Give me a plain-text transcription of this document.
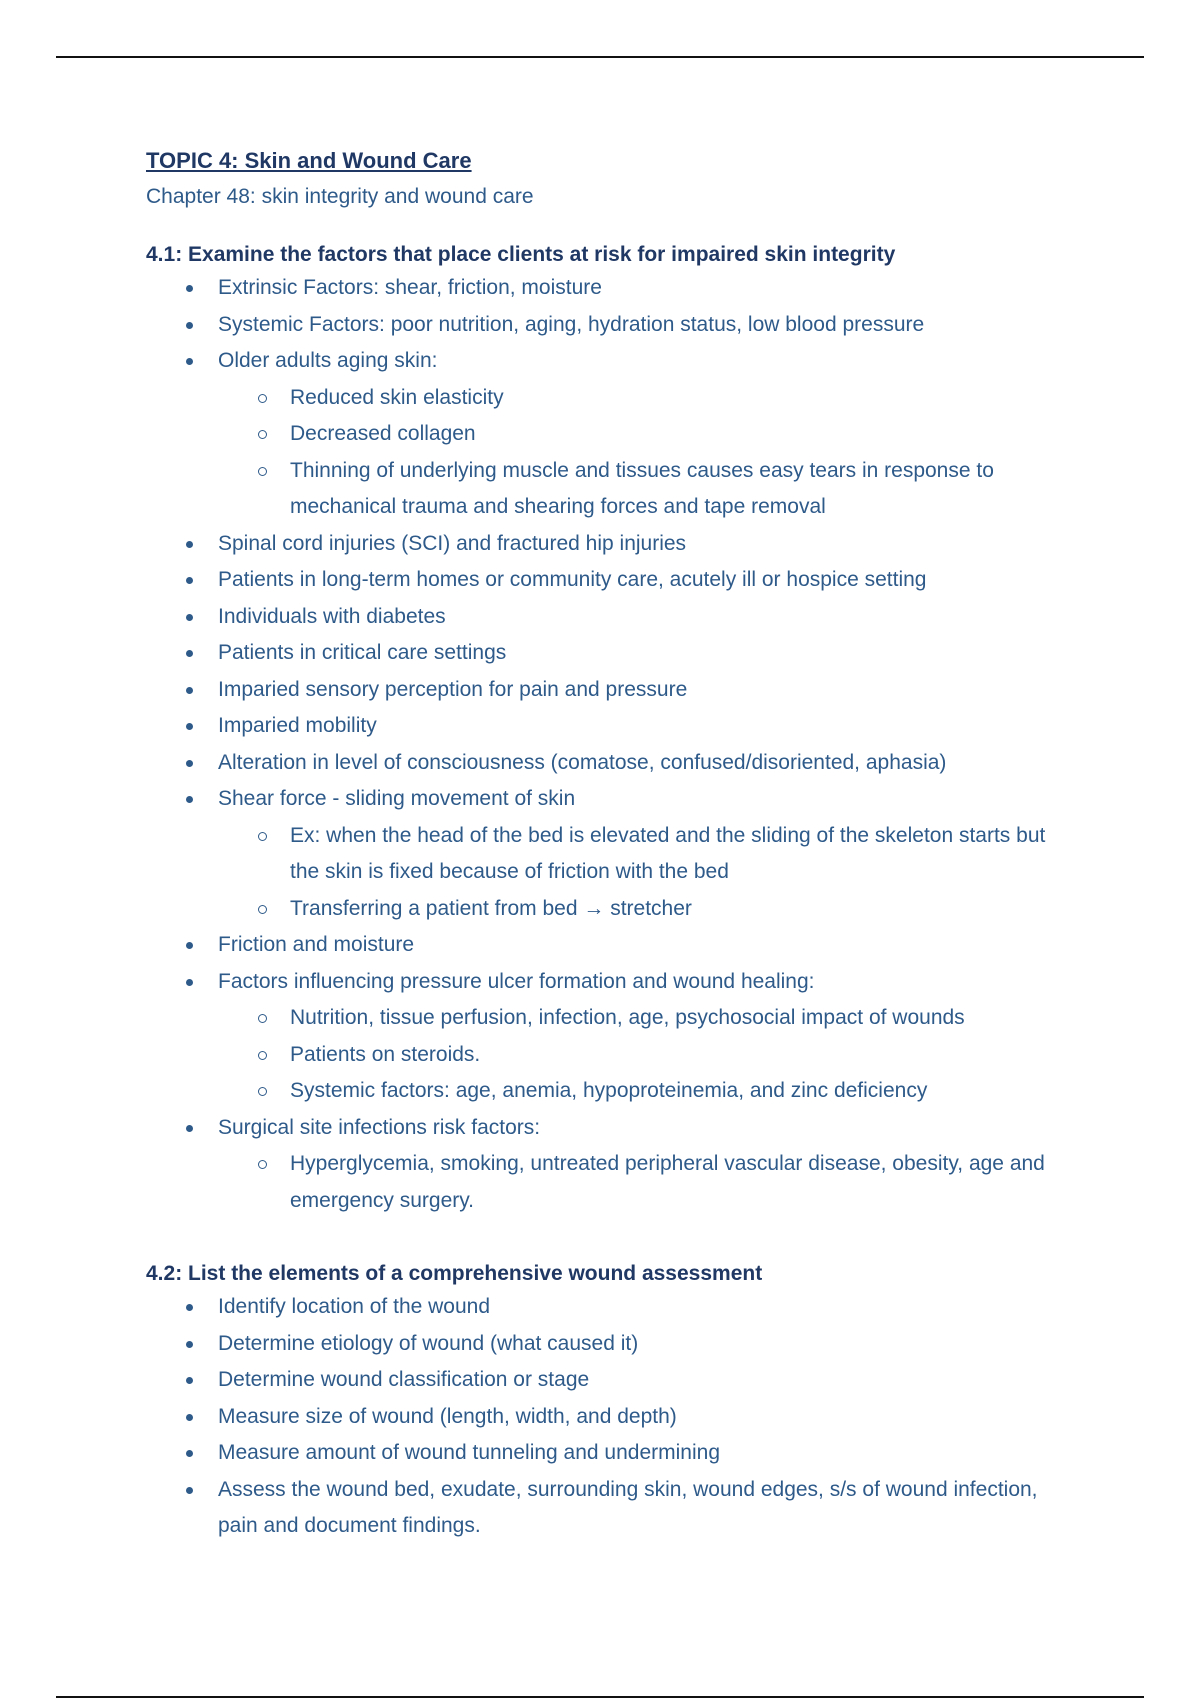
TOPIC 4: Skin and Wound Care
Chapter 48: skin integrity and wound care
4.1: Examine the factors that place clients at risk for impaired skin integrity
Extrinsic Factors: shear, friction, moisture
Systemic Factors: poor nutrition, aging, hydration status, low blood pressure
Older adults aging skin:
Reduced skin elasticity
Decreased collagen
Thinning of underlying muscle and tissues causes easy tears in response to mechanical trauma and shearing forces and tape removal
Spinal cord injuries (SCI) and fractured hip injuries
Patients in long-term homes or community care, acutely ill or hospice setting
Individuals with diabetes
Patients in critical care settings
Imparied sensory perception for pain and pressure
Imparied mobility
Alteration in level of consciousness (comatose, confused/disoriented, aphasia)
Shear force - sliding movement of skin
Ex: when the head of the bed is elevated and the sliding of the skeleton starts but the skin is fixed because of friction with the bed
Transferring a patient from bed → stretcher
Friction and moisture
Factors influencing pressure ulcer formation and wound healing:
Nutrition, tissue perfusion, infection, age, psychosocial impact of wounds
Patients on steroids.
Systemic factors: age, anemia, hypoproteinemia, and zinc deficiency
Surgical site infections risk factors:
Hyperglycemia, smoking, untreated peripheral vascular disease, obesity, age and emergency surgery.
4.2: List the elements of a comprehensive wound assessment
Identify location of the wound
Determine etiology of wound (what caused it)
Determine wound classification or stage
Measure size of wound (length, width, and depth)
Measure amount of wound tunneling and undermining
Assess the wound bed, exudate, surrounding skin, wound edges, s/s of wound infection, pain and document findings.
